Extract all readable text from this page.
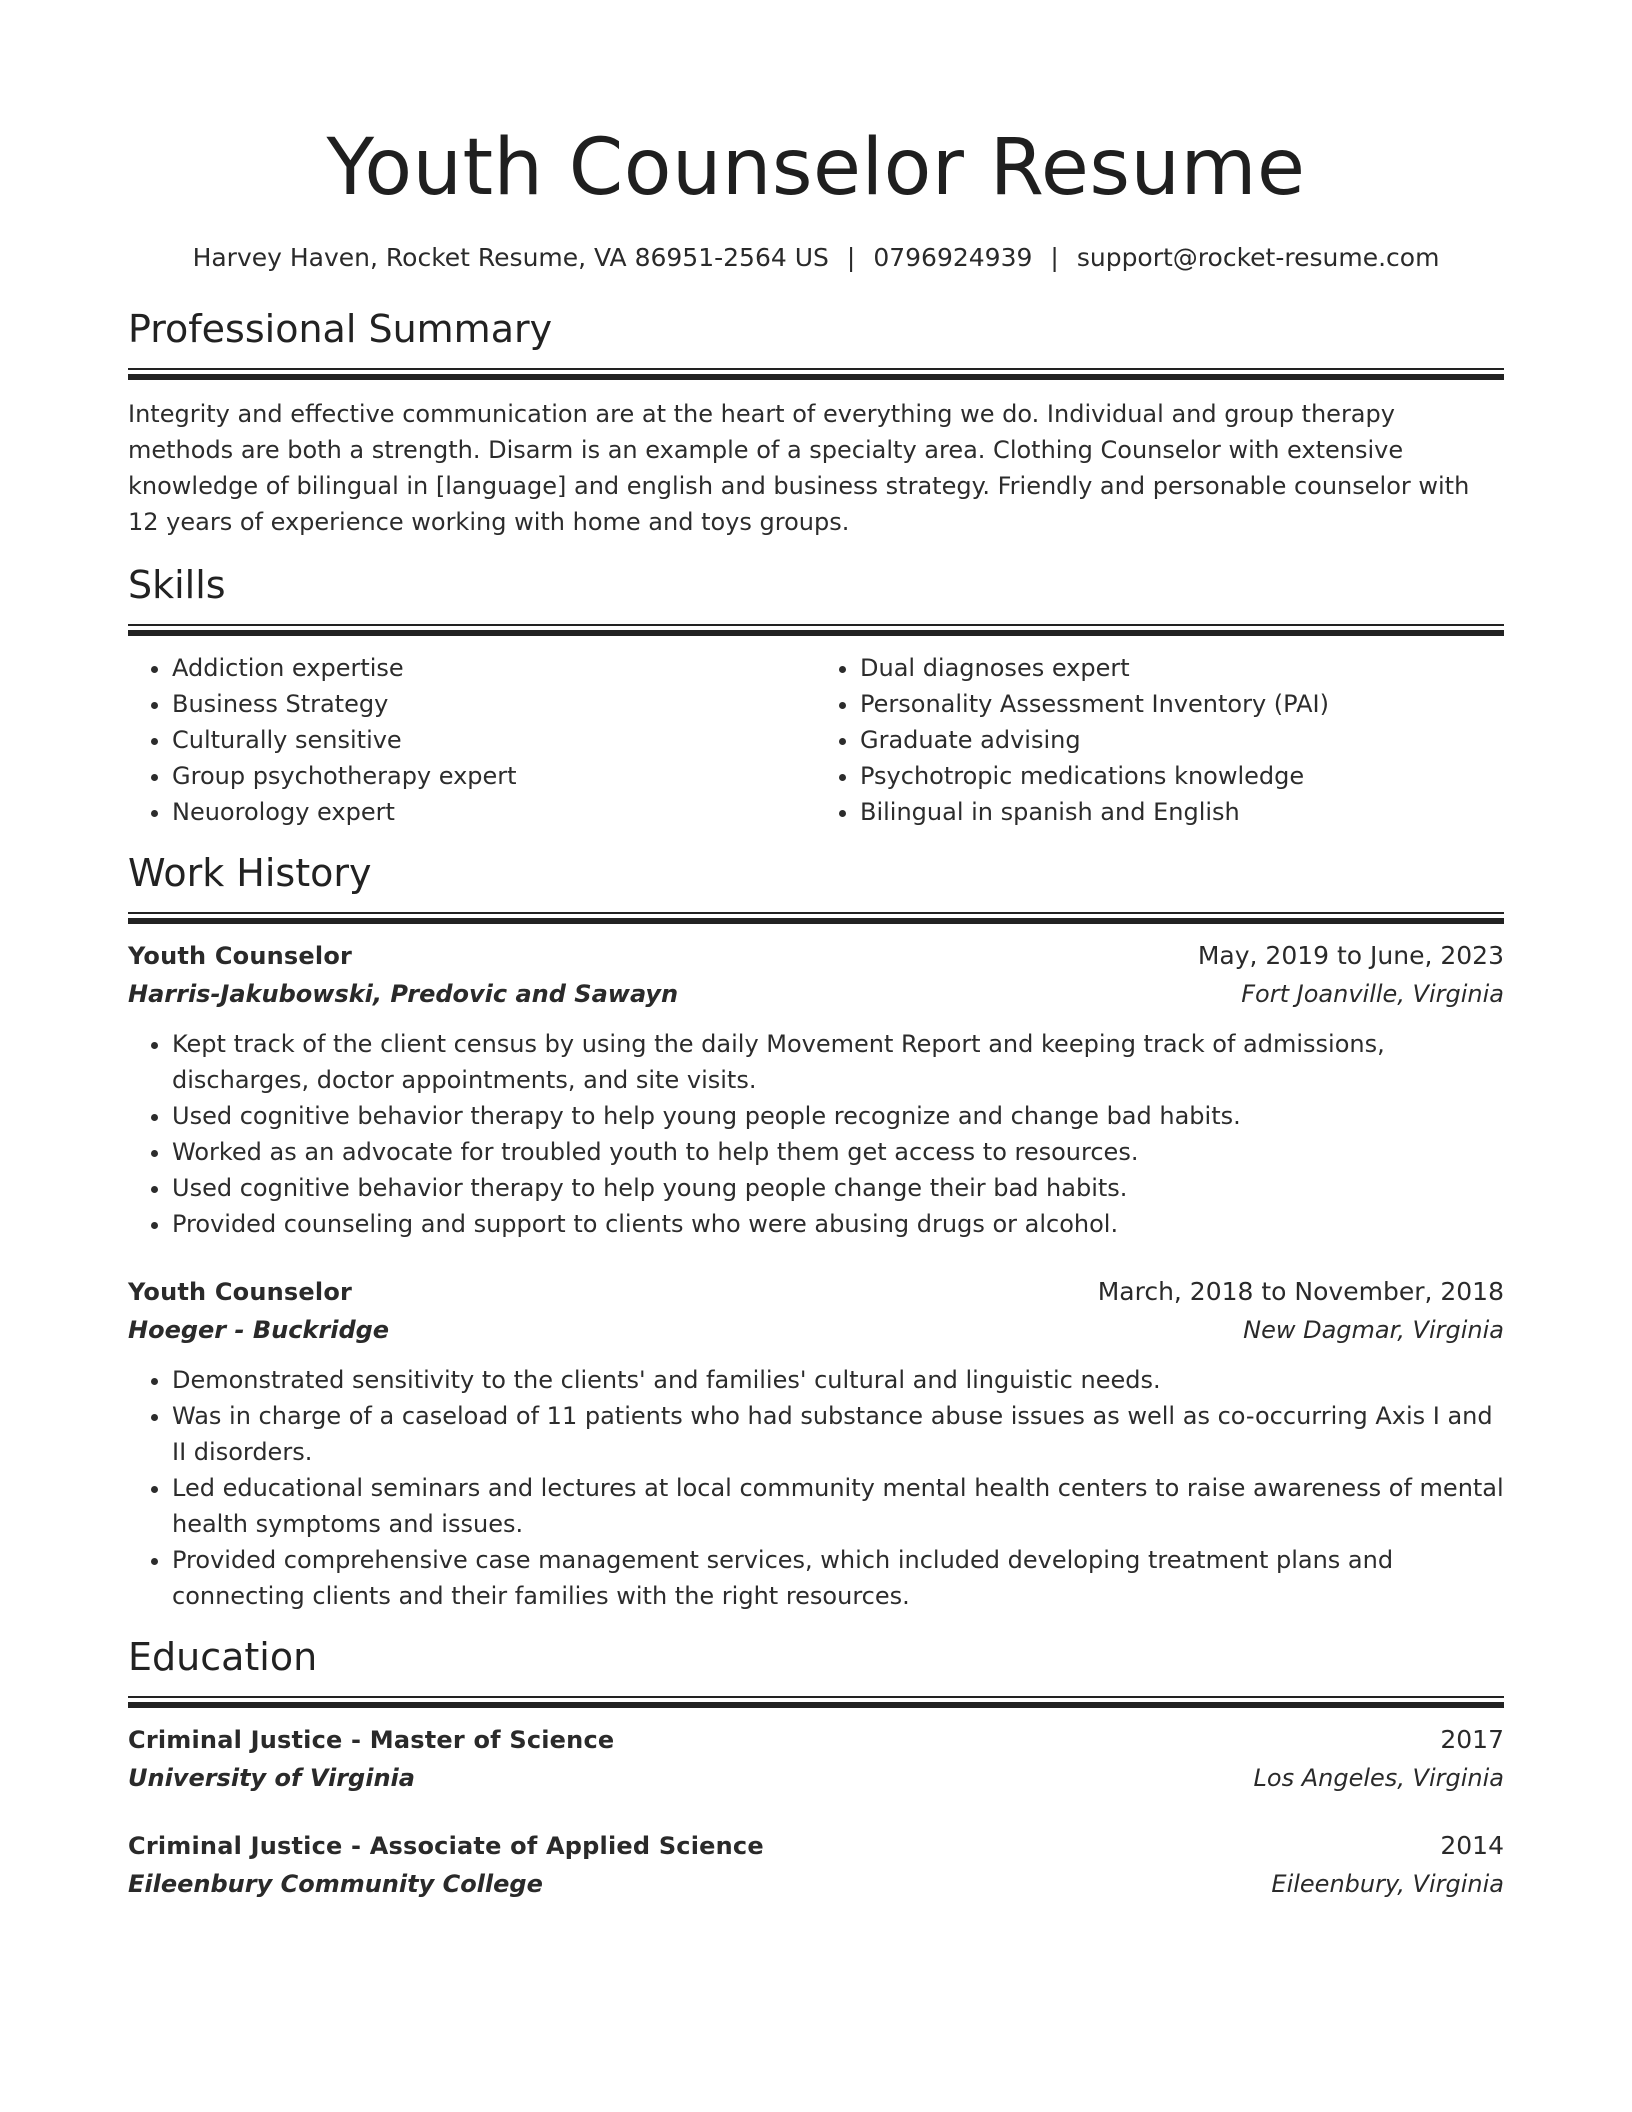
Youth Counselor Resume
Harvey Haven, Rocket Resume, VA 86951-2564 US | 0796924939 | support@rocket-resume.com
Professional Summary

Integrity and effective communication are at the heart of everything we do. Individual and group therapy methods are both a strength. Disarm is an example of a specialty area. Clothing Counselor with extensive knowledge of bilingual in [language] and english and business strategy. Friendly and personable counselor with 12 years of experience working with home and toys groups.

Skills
• Addiction expertise
• Business Strategy
• Culturally sensitive
• Group psychotherapy expert
• Neuorology expert
• Dual diagnoses expert
• Personality Assessment Inventory (PAI)
• Graduate advising
• Psychotropic medications knowledge
• Bilingual in spanish and English
Work History
Youth Counselor	May, 2019 to June, 2023
Harris-Jakubowski, Predovic and Sawayn	Fort Joanville, Virginia
• Kept track of the client census by using the daily Movement Report and keeping track of admissions, discharges, doctor appointments, and site visits.
• Used cognitive behavior therapy to help young people recognize and change bad habits.
• Worked as an advocate for troubled youth to help them get access to resources.
• Used cognitive behavior therapy to help young people change their bad habits.
• Provided counseling and support to clients who were abusing drugs or alcohol.
Youth Counselor	March, 2018 to November, 2018
Hoeger - Buckridge	New Dagmar, Virginia
• Demonstrated sensitivity to the clients' and families' cultural and linguistic needs.
• Was in charge of a caseload of 11 patients who had substance abuse issues as well as co-occurring Axis I and II disorders.
• Led educational seminars and lectures at local community mental health centers to raise awareness of mental health symptoms and issues.
• Provided comprehensive case management services, which included developing treatment plans and connecting clients and their families with the right resources.
Education
Criminal Justice - Master of Science	2017
University of Virginia	Los Angeles, Virginia
Criminal Justice - Associate of Applied Science	2014
Eileenbury Community College	Eileenbury, Virginia
